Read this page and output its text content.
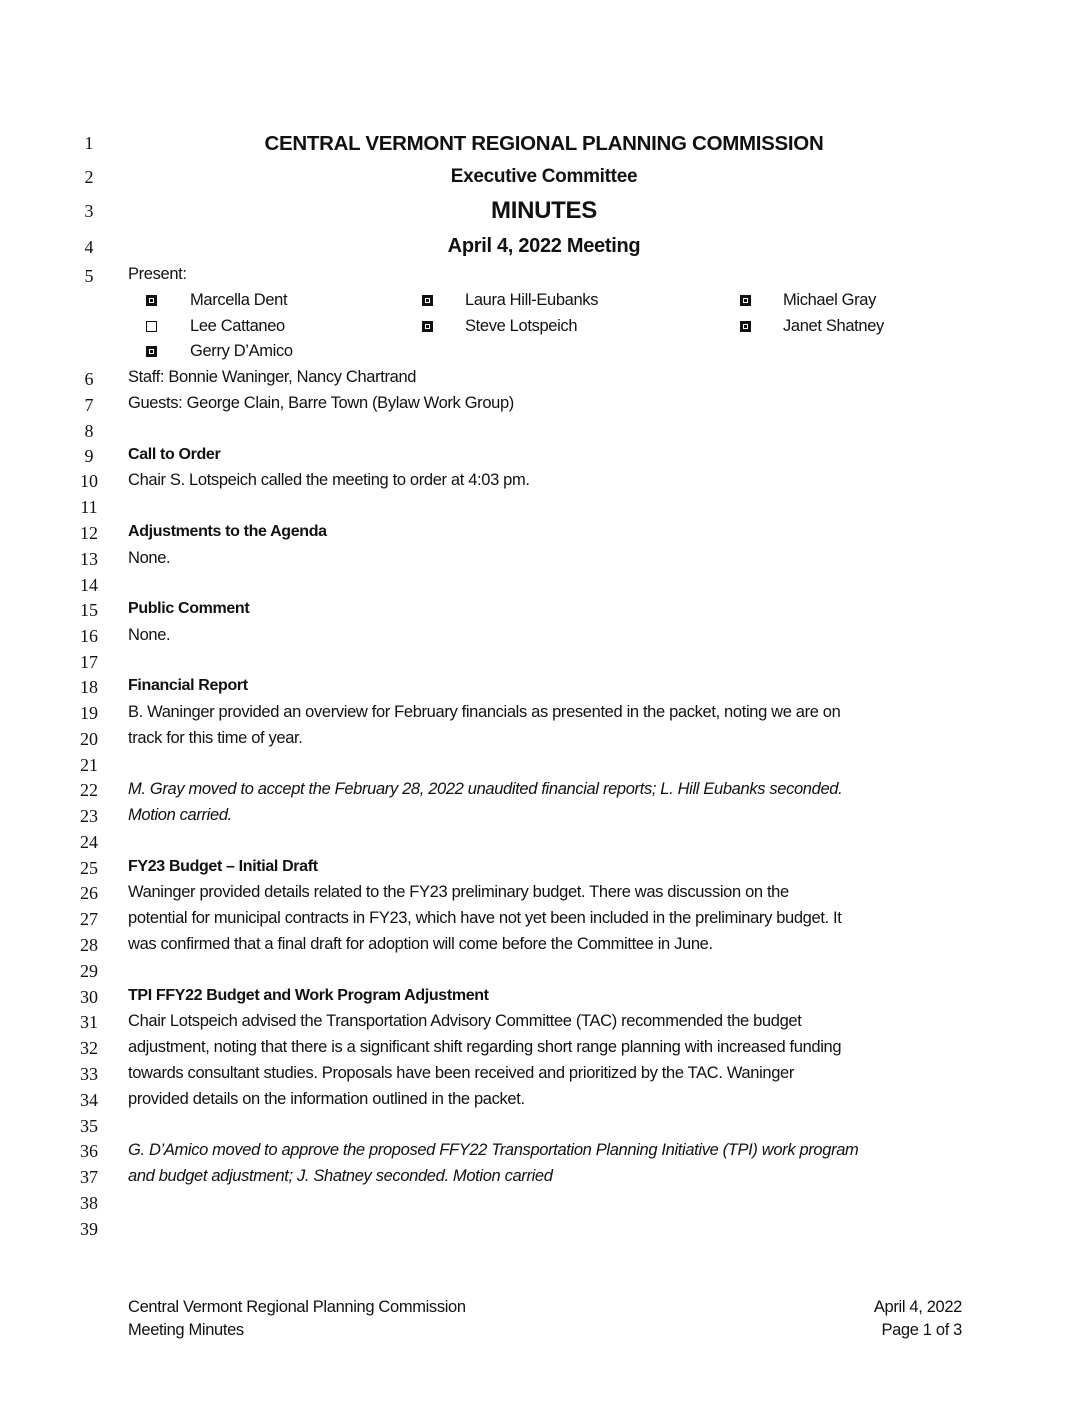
1
2
3
4
5
6
7
8
9
10
11
12
13
14
15
16
17
18
19
20
21
22
23
24
25
26
27
28
29
30
31
32
33
34
35
36
37
38
39
CENTRAL VERMONT REGIONAL PLANNING COMMISSION
Executive Committee
MINUTES
April 4, 2022 Meeting
Present:
Marcella Dent	Laura Hill-Eubanks	Michael Gray
Lee Cattaneo	Steve Lotspeich	Janet Shatney
Gerry D’Amico
Staff: Bonnie Waninger, Nancy Chartrand
Guests: George Clain, Barre Town (Bylaw Work Group)
Call to Order
Chair S. Lotspeich called the meeting to order at 4:03 pm.
Adjustments to the Agenda
None.
Public Comment
None.
Financial Report
B. Waninger provided an overview for February financials as presented in the packet, noting we are on
track for this time of year.
M. Gray moved to accept the February 28, 2022 unaudited financial reports; L. Hill Eubanks seconded.
Motion carried.
FY23 Budget – Initial Draft
Waninger provided details related to the FY23 preliminary budget. There was discussion on the
potential for municipal contracts in FY23, which have not yet been included in the preliminary budget. It
was confirmed that a final draft for adoption will come before the Committee in June.
TPI FFY22 Budget and Work Program Adjustment
Chair Lotspeich advised the Transportation Advisory Committee (TAC) recommended the budget
adjustment, noting that there is a significant shift regarding short range planning with increased funding
towards consultant studies. Proposals have been received and prioritized by the TAC. Waninger
provided details on the information outlined in the packet.
G. D’Amico moved to approve the proposed FFY22 Transportation Planning Initiative (TPI) work program
and budget adjustment; J. Shatney seconded. Motion carried
Central Vermont Regional Planning Commission
Meeting Minutes
April 4, 2022
Page 1 of 3
